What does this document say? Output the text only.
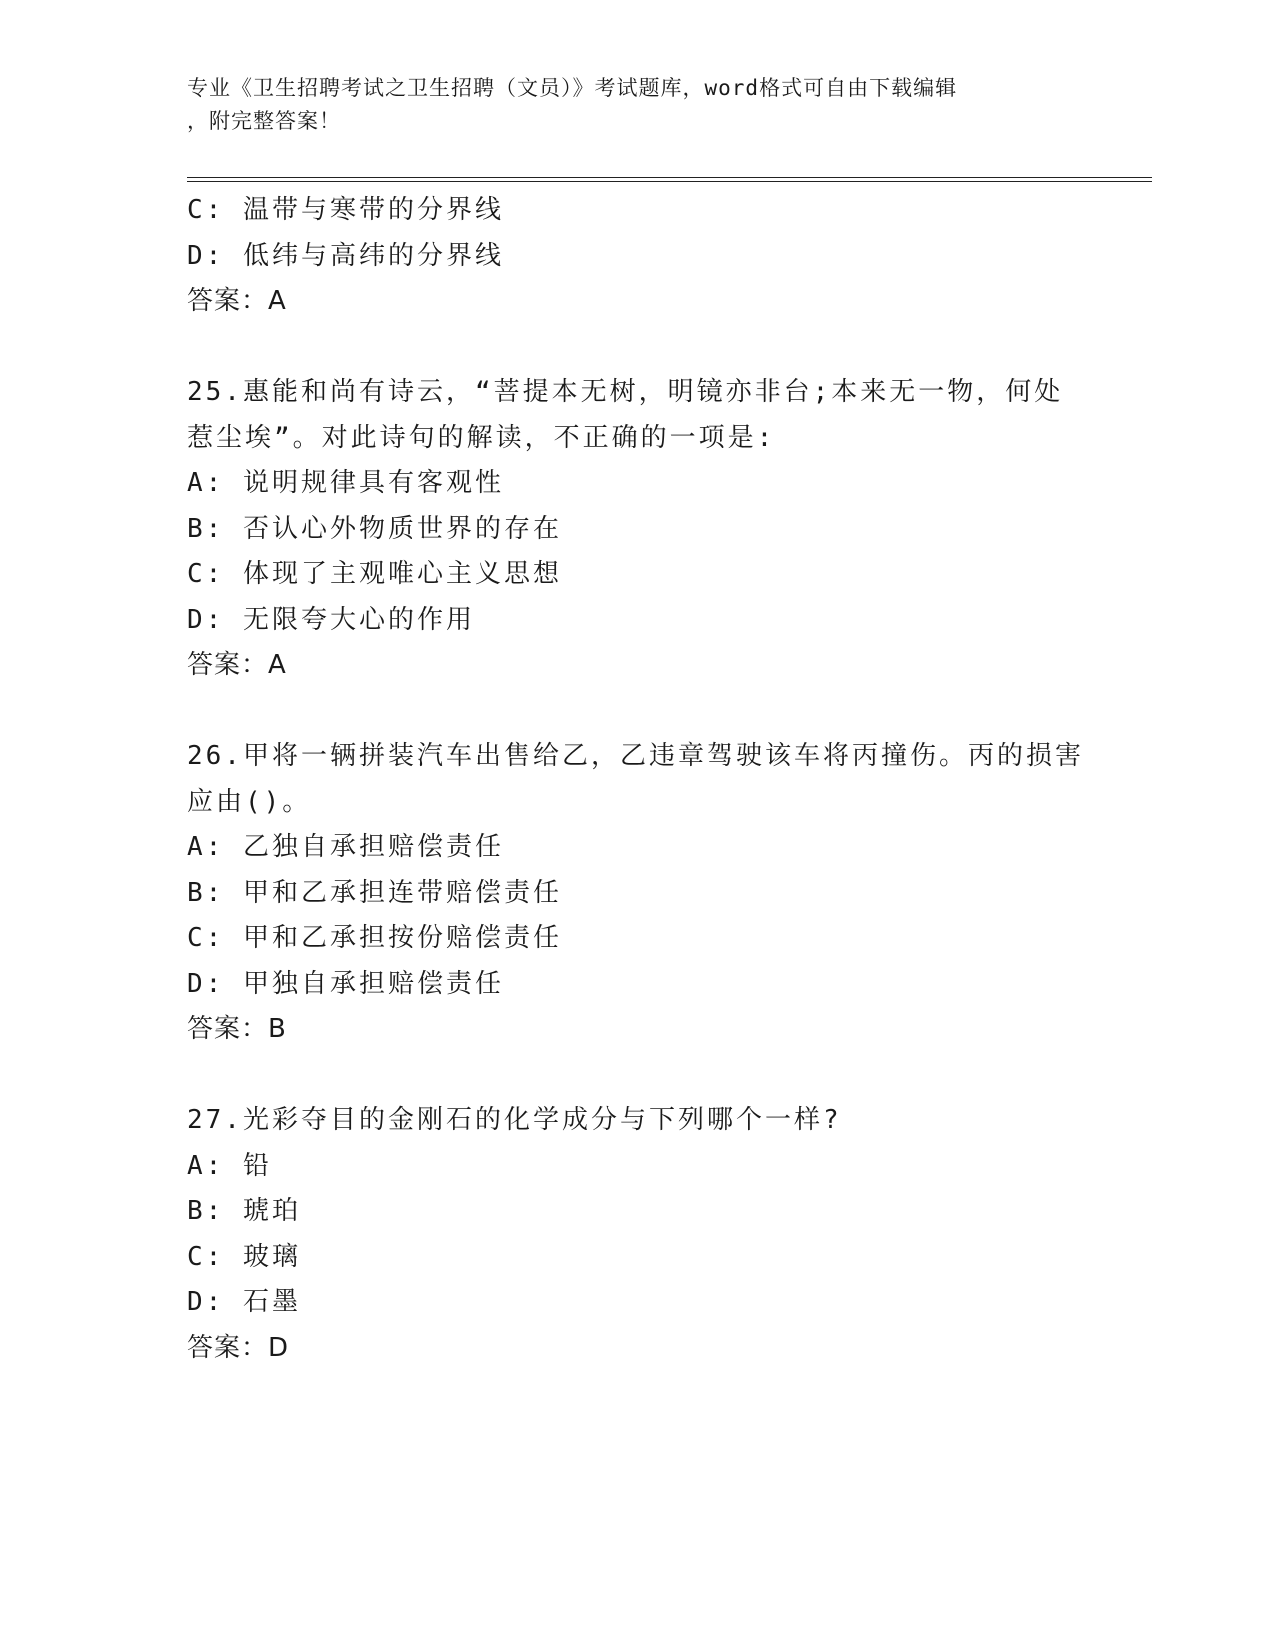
专业《卫生招聘考试之卫生招聘（文员）》考试题库，word格式可自由下载编辑
，附完整答案！
C: 温带与寒带的分界线
D: 低纬与高纬的分界线
答案：A
25.惠能和尚有诗云，“菩提本无树，明镜亦非台;本来无一物，何处
惹尘埃”。对此诗句的解读，不正确的一项是:
A: 说明规律具有客观性
B: 否认心外物质世界的存在
C: 体现了主观唯心主义思想
D: 无限夸大心的作用
答案：A
26.甲将一辆拼装汽车出售给乙，乙违章驾驶该车将丙撞伤。丙的损害
应由()。
A: 乙独自承担赔偿责任
B: 甲和乙承担连带赔偿责任
C: 甲和乙承担按份赔偿责任
D: 甲独自承担赔偿责任
答案：B
27.光彩夺目的金刚石的化学成分与下列哪个一样?
A: 铅
B: 琥珀
C: 玻璃
D: 石墨
答案：D
